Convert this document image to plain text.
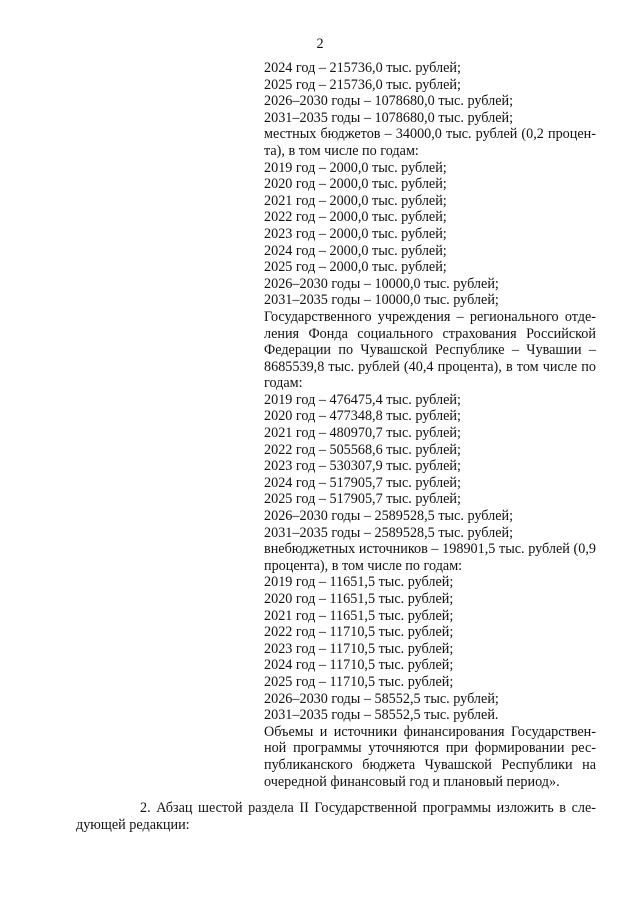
2
2024 год – 215736,0 тыс. рублей;
2025 год – 215736,0 тыс. рублей;
2026–2030 годы – 1078680,0 тыс. рублей;
2031–2035 годы – 1078680,0 тыс. рублей;
местных бюджетов – 34000,0 тыс. рублей (0,2 процента), в том числе по годам:
2019 год – 2000,0 тыс. рублей;
2020 год – 2000,0 тыс. рублей;
2021 год – 2000,0 тыс. рублей;
2022 год – 2000,0 тыс. рублей;
2023 год – 2000,0 тыс. рублей;
2024 год – 2000,0 тыс. рублей;
2025 год – 2000,0 тыс. рублей;
2026–2030 годы – 10000,0 тыс. рублей;
2031–2035 годы – 10000,0 тыс. рублей;
Государственного учреждения – регионального отделения Фонда социального страхования Российской Федерации по Чувашской Республике – Чувашии – 8685539,8 тыс. рублей (40,4 процента), в том числе по годам:
2019 год – 476475,4 тыс. рублей;
2020 год – 477348,8 тыс. рублей;
2021 год – 480970,7 тыс. рублей;
2022 год – 505568,6 тыс. рублей;
2023 год – 530307,9 тыс. рублей;
2024 год – 517905,7 тыс. рублей;
2025 год – 517905,7 тыс. рублей;
2026–2030 годы – 2589528,5 тыс. рублей;
2031–2035 годы – 2589528,5 тыс. рублей;
внебюджетных источников – 198901,5 тыс. рублей (0,9 процента), в том числе по годам:
2019 год – 11651,5 тыс. рублей;
2020 год – 11651,5 тыс. рублей;
2021 год – 11651,5 тыс. рублей;
2022 год – 11710,5 тыс. рублей;
2023 год – 11710,5 тыс. рублей;
2024 год – 11710,5 тыс. рублей;
2025 год – 11710,5 тыс. рублей;
2026–2030 годы – 58552,5 тыс. рублей;
2031–2035 годы – 58552,5 тыс. рублей.
Объемы и источники финансирования Государственной программы уточняются при формировании республиканского бюджета Чувашской Республики на очередной финансовый год и плановый период».
2. Абзац шестой раздела II Государственной программы изложить в следующей редакции:
